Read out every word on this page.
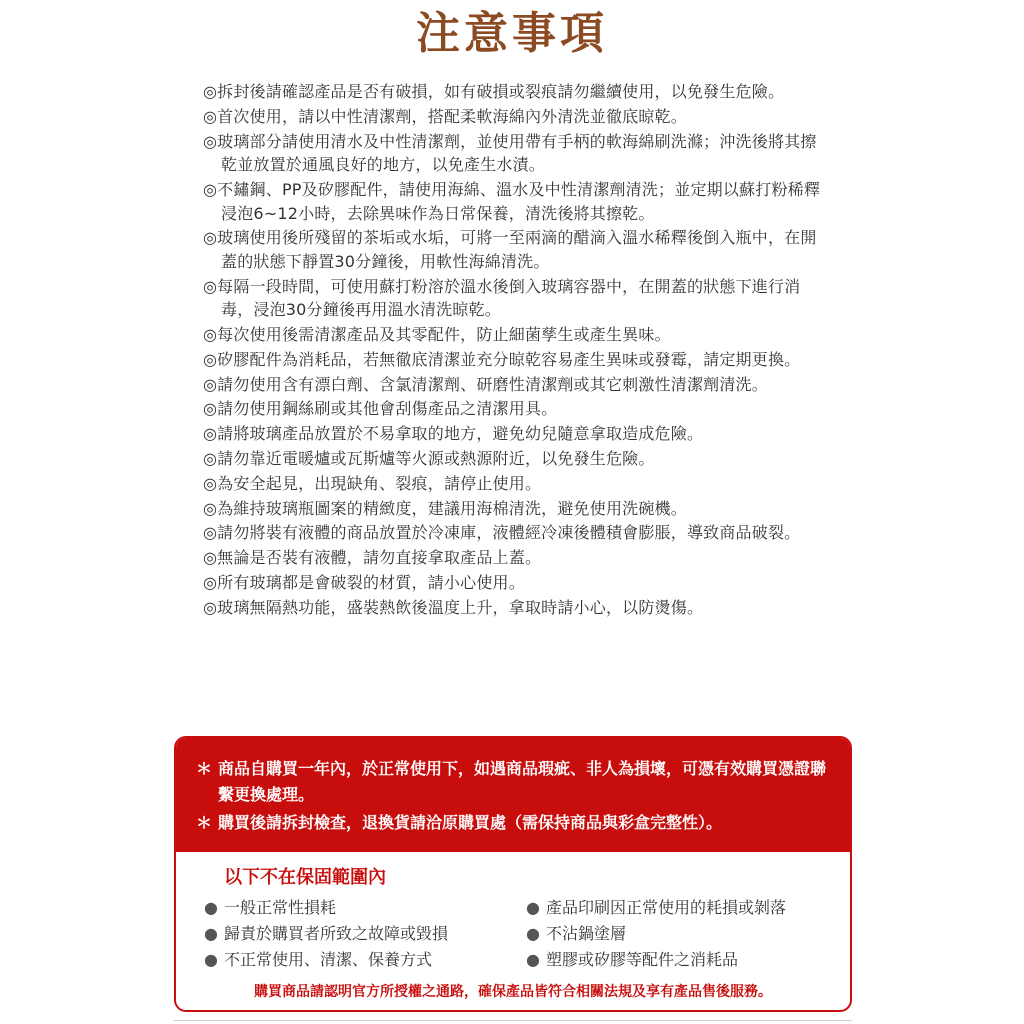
注意事項
◎拆封後請確認產品是否有破損，如有破損或裂痕請勿繼續使用，以免發生危險。
◎首次使用，請以中性清潔劑，搭配柔軟海綿內外清洗並徹底晾乾。
◎玻璃部分請使用清水及中性清潔劑，並使用帶有手柄的軟海綿刷洗滌；沖洗後將其擦乾並放置於通風良好的地方，以免產生水漬。
◎不鏽鋼、PP及矽膠配件，請使用海綿、溫水及中性清潔劑清洗；並定期以蘇打粉稀釋浸泡6~12小時，去除異味作為日常保養，清洗後將其擦乾。
◎玻璃使用後所殘留的茶垢或水垢，可將一至兩滴的醋滴入溫水稀釋後倒入瓶中，在開蓋的狀態下靜置30分鐘後，用軟性海綿清洗。
◎每隔一段時間，可使用蘇打粉溶於溫水後倒入玻璃容器中，在開蓋的狀態下進行消毒，浸泡30分鐘後再用溫水清洗晾乾。
◎每次使用後需清潔產品及其零配件，防止細菌孳生或產生異味。
◎矽膠配件為消耗品，若無徹底清潔並充分晾乾容易產生異味或發霉，請定期更換。
◎請勿使用含有漂白劑、含氯清潔劑、研磨性清潔劑或其它刺激性清潔劑清洗。
◎請勿使用鋼絲刷或其他會刮傷產品之清潔用具。
◎請將玻璃產品放置於不易拿取的地方，避免幼兒隨意拿取造成危險。
◎請勿靠近電暖爐或瓦斯爐等火源或熱源附近，以免發生危險。
◎為安全起見，出現缺角、裂痕，請停止使用。
◎為維持玻璃瓶圖案的精緻度，建議用海棉清洗，避免使用洗碗機。
◎請勿將裝有液體的商品放置於冷凍庫，液體經冷凍後體積會膨脹，導致商品破裂。
◎無論是否裝有液體，請勿直接拿取產品上蓋。
◎所有玻璃都是會破裂的材質，請小心使用。
◎玻璃無隔熱功能，盛裝熱飲後溫度上升，拿取時請小心，以防燙傷。
＊ 商品自購買一年內，於正常使用下，如遇商品瑕疵、非人為損壞，可憑有效購買憑證聯繫更換處理。
＊ 購買後請拆封檢查，退換貨請洽原購買處（需保持商品與彩盒完整性）。
以下不在保固範圍內
● 一般正常性損耗
● 歸責於購買者所致之故障或毀損
● 不正常使用、清潔、保養方式
● 產品印刷因正常使用的耗損或剝落
● 不沾鍋塗層
● 塑膠或矽膠等配件之消耗品
購買商品請認明官方所授權之通路，確保產品皆符合相關法規及享有產品售後服務。
